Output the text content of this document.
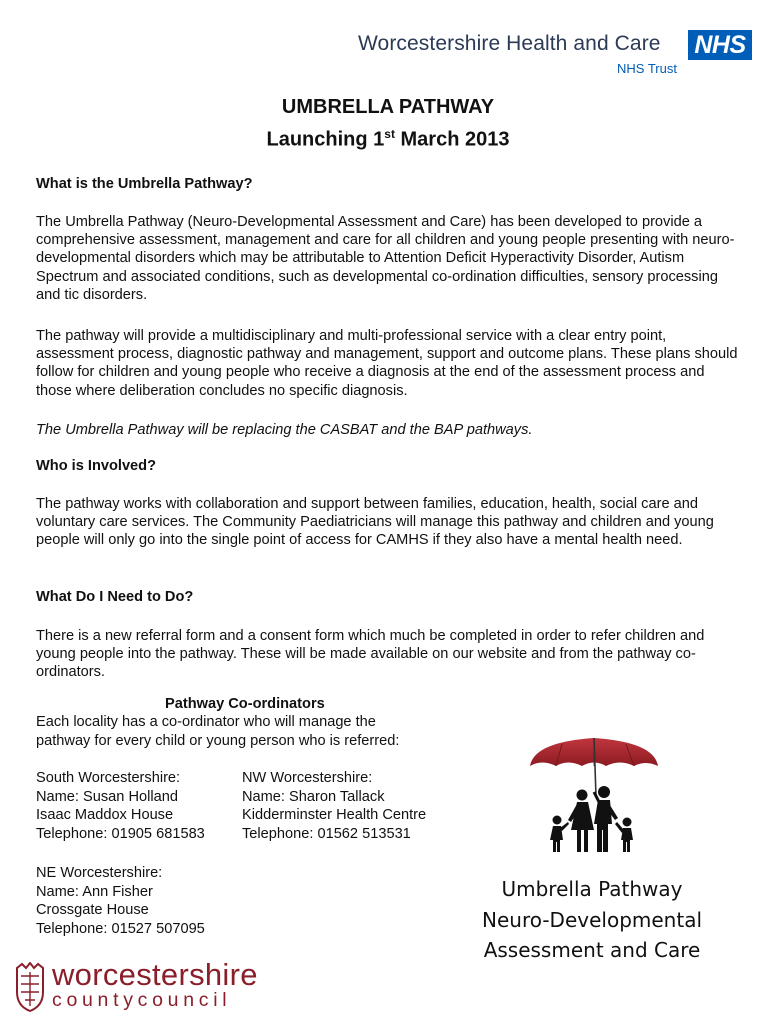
Worcestershire Health and Care NHS
NHS Trust
UMBRELLA PATHWAY
Launching 1st March 2013

What is the Umbrella Pathway?

The Umbrella Pathway (Neuro-Developmental Assessment and Care) has been developed to provide a comprehensive assessment, management and care for all children and young people presenting with neuro-developmental disorders which may be attributable to Attention Deficit Hyperactivity Disorder, Autism Spectrum and associated conditions, such as developmental co-ordination difficulties, sensory processing and tic disorders.

The pathway will provide a multidisciplinary and multi-professional service with a clear entry point, assessment process, diagnostic pathway and management, support and outcome plans. These plans should follow for children and young people who receive a diagnosis at the end of the assessment process and those where deliberation concludes no specific diagnosis.

The Umbrella Pathway will be replacing the CASBAT and the BAP pathways.

Who is Involved?

The pathway works with collaboration and support between families, education, health, social care and voluntary care services. The Community Paediatricians will manage this pathway and children and young people will only go into the single point of access for CAMHS if they also have a mental health need.

What Do I Need to Do?

There is a new referral form and a consent form which much be completed in order to refer children and young people into the pathway. These will be made available on our website and from the pathway co-ordinators.

Pathway Co-ordinators
Each locality has a co-ordinator who will manage the
pathway for every child or young person who is referred:
South Worcestershire:
Name: Susan Holland
Isaac Maddox House
Telephone: 01905 681583
NW Worcestershire:
Name: Sharon Tallack
Kidderminster Health Centre
Telephone: 01562 513531
NE Worcestershire:
Name: Ann Fisher
Crossgate House
Telephone: 01527 507095
Umbrella Pathway
Neuro-Developmental
Assessment and Care
worcestershire
countycouncil
